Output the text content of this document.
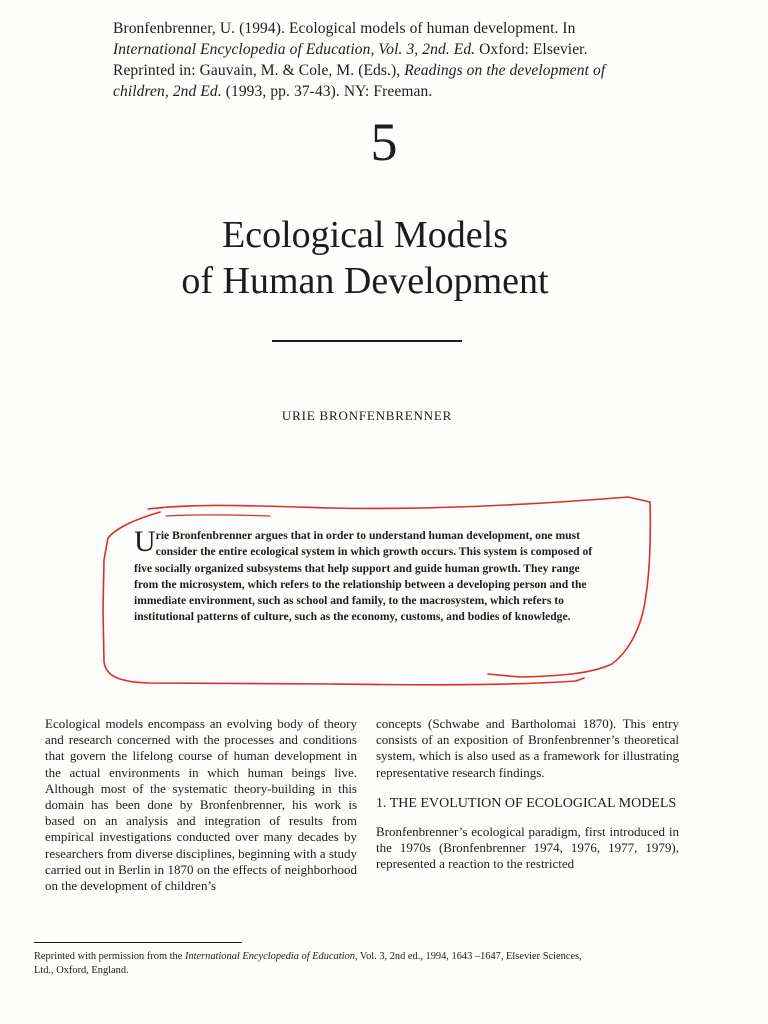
Bronfenbrenner, U. (1994). Ecological models of human development. In
International Encyclopedia of Education, Vol. 3, 2nd. Ed. Oxford: Elsevier.
Reprinted in: Gauvain, M. & Cole, M. (Eds.), Readings on the development of
children, 2nd Ed. (1993, pp. 37-43). NY: Freeman.
5
Ecological Models
of Human Development
URIE BRONFENBRENNER
Urie Bronfenbrenner argues that in order to understand human development, one must consider the entire ecological system in which growth occurs. This system is composed of five socially organized subsystems that help support and guide human growth. They range from the microsystem, which refers to the relationship between a developing person and the immediate environment, such as school and family, to the macrosystem, which refers to institutional patterns of culture, such as the economy, customs, and bodies of knowledge.
Ecological models encompass an evolving body of theory and research concerned with the processes and conditions that govern the lifelong course of human development in the actual environments in which human beings live. Although most of the systematic theory-building in this domain has been done by Bronfenbrenner, his work is based on an analysis and integration of results from empirical investigations conducted over many decades by researchers from diverse disciplines, beginning with a study carried out in Berlin in 1870 on the effects of neighborhood on the development of children’s
concepts (Schwabe and Bartholomai 1870). This entry consists of an exposition of Bronfenbrenner’s theoretical system, which is also used as a framework for illustrating representative research findings.
1. THE EVOLUTION OF ECOLOGICAL MODELS
Bronfenbrenner’s ecological paradigm, first introduced in the 1970s (Bronfenbrenner 1974, 1976, 1977, 1979), represented a reaction to the restricted
Reprinted with permission from the International Encyclopedia of Education, Vol. 3, 2nd ed., 1994, 1643 –1647, Elsevier Sciences, Ltd., Oxford, England.
